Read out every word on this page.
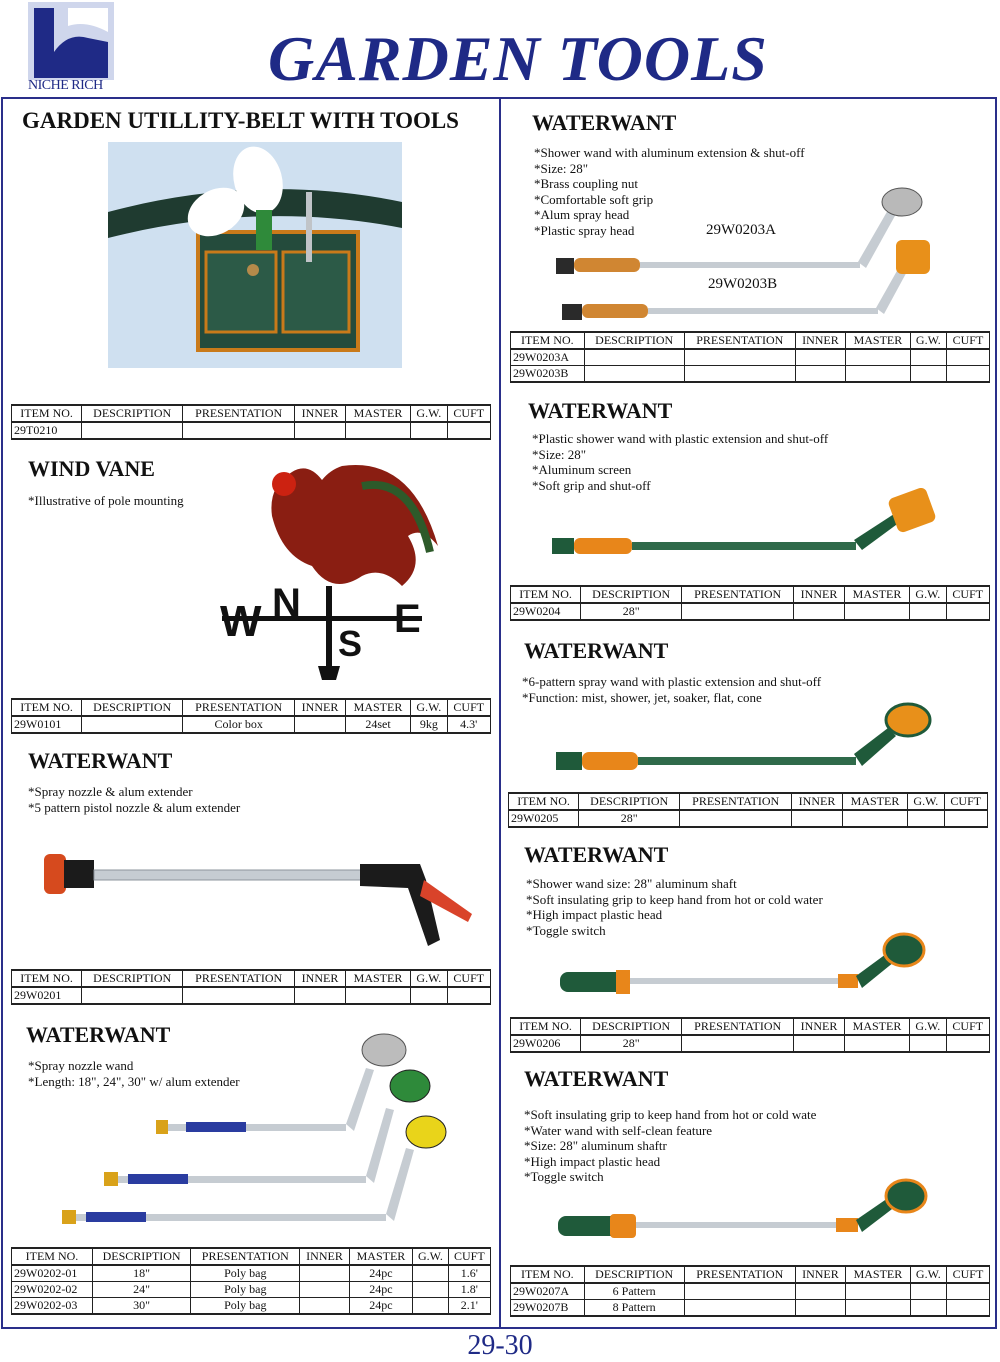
NICHE RICH	GARDEN TOOLS
GARDEN UTILLITY-BELT WITH TOOLS
ITEM NO.	DESCRIPTION	PRESENTATION	INNER	MASTER	G.W.	CUFT
29T0210						
WIND VANE
*Illustrative of pole mounting
W N E
S
ITEM NO.	DESCRIPTION	PRESENTATION	INNER	MASTER	G.W.	CUFT
29W0101		Color box		24set	9kg	4.3'
WATERWANT
*Spray nozzle & alum extender
*5 pattern pistol nozzle & alum extender
ITEM NO.	DESCRIPTION	PRESENTATION	INNER	MASTER	G.W.	CUFT
29W0201						
WATERWANT
*Spray nozzle wand
*Length: 18", 24", 30" w/ alum extender
ITEM NO.	DESCRIPTION	PRESENTATION	INNER	MASTER	G.W.	CUFT
29W0202-01	18"	Poly bag		24pc		1.6'
29W0202-02	24"	Poly bag		24pc		1.8'
29W0202-03	30"	Poly bag		24pc		2.1'
WATERWANT
*Shower wand with aluminum extension & shut-off
*Size: 28"
*Brass coupling nut
*Comfortable soft grip
*Alum spray head
*Plastic spray head	29W0203A
29W0203B
ITEM NO.	DESCRIPTION	PRESENTATION	INNER	MASTER	G.W.	CUFT
29W0203A						
29W0203B						
WATERWANT
*Plastic shower wand with plastic extension and shut-off
*Size: 28"
*Aluminum screen
*Soft grip and shut-off
ITEM NO.	DESCRIPTION	PRESENTATION	INNER	MASTER	G.W.	CUFT
29W0204	28"					
WATERWANT
*6-pattern spray wand with plastic extension and shut-off
*Function: mist, shower, jet, soaker, flat, cone
ITEM NO.	DESCRIPTION	PRESENTATION	INNER	MASTER	G.W.	CUFT
29W0205	28"					
WATERWANT
*Shower wand size: 28" aluminum shaft
*Soft insulating grip to keep hand from hot or cold water
*High impact plastic head
*Toggle switch
ITEM NO.	DESCRIPTION	PRESENTATION	INNER	MASTER	G.W.	CUFT
29W0206	28"					
WATERWANT
*Soft insulating grip to keep hand from hot or cold wate
*Water wand with self-clean feature
*Size: 28" aluminum shaftr
*High impact plastic head
*Toggle switch
ITEM NO.	DESCRIPTION	PRESENTATION	INNER	MASTER	G.W.	CUFT
29W0207A	6 Pattern					
29W0207B	8 Pattern					
29-30
